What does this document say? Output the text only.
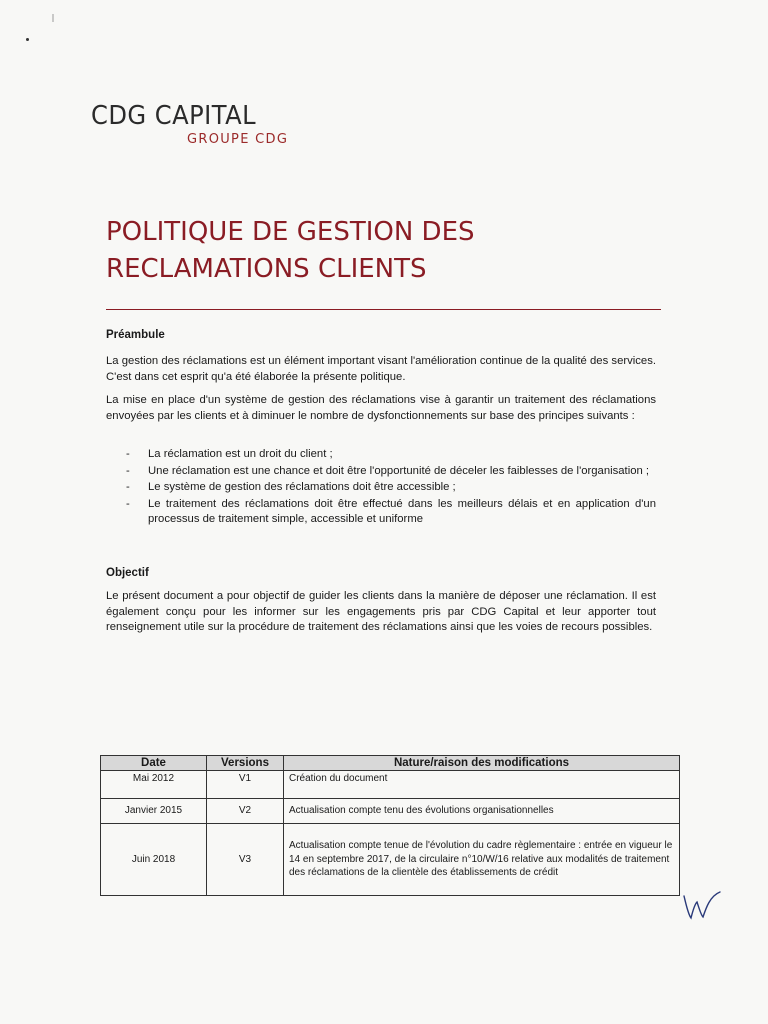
CDG CAPITAL
GROUPE CDG
POLITIQUE DE GESTION DES
RECLAMATIONS CLIENTS
Préambule

La gestion des réclamations est un élément important visant l'amélioration continue de la qualité des services. C'est dans cet esprit qu'a été élaborée la présente politique.

La mise en place d'un système de gestion des réclamations vise à garantir un traitement des réclamations envoyées par les clients et à diminuer le nombre de dysfonctionnements sur base des principes suivants :

- La réclamation est un droit du client ;
- Une réclamation est une chance et doit être l'opportunité de déceler les faiblesses de l'organisation ;
- Le système de gestion des réclamations doit être accessible ;
- Le traitement des réclamations doit être effectué dans les meilleurs délais et en application d'un processus de traitement simple, accessible et uniforme
Objectif

Le présent document a pour objectif de guider les clients dans la manière de déposer une réclamation. Il est également conçu pour les informer sur les engagements pris par CDG Capital et leur apporter tout renseignement utile sur la procédure de traitement des réclamations ainsi que les voies de recours possibles.

Date	Versions	Nature/raison des modifications
Mai 2012	V1	Création du document
Janvier 2015	V2	Actualisation compte tenu des évolutions organisationnelles
Juin 2018	V3	Actualisation compte tenue de l'évolution du cadre règlementaire : entrée en vigueur le 14 en septembre 2017, de la circulaire n°10/W/16 relative aux modalités de traitement des réclamations de la clientèle des établissements de crédit
